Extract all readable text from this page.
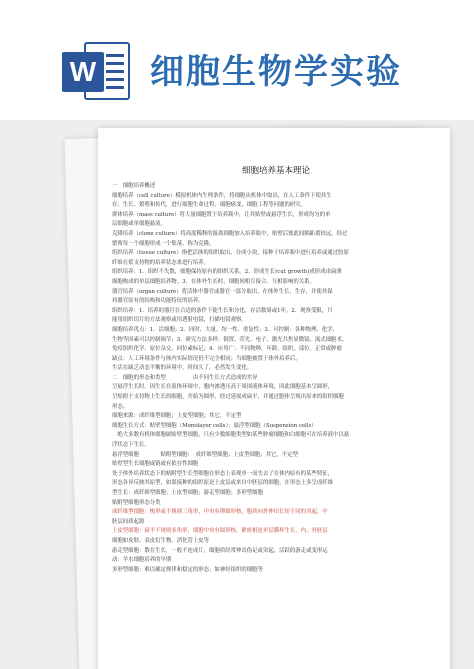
W 细胞生物学实验
细胞培养基本理论
一　细胞培养概述
细胞培养（cell culture）模拟机体内生理条件，将细胞从机体中取出，在人工条件下使其生
存、生长、繁殖和传代，进行细胞生命过程、细胞癌变、细胞工程等问题的研究。
群体培养（mass culture）将大量细胞置于培养瓶中，让其贴壁或悬浮生长，形成均匀的单
层细胞或单细胞悬液。
克隆培养（clone culture）将高度稀释的游离细胞加入培养瓶中，贴壁后彼此间隔距离较远，经过
繁殖每一个细胞形成一个集落，称为克隆。
组织培养（tissue culture）指把活体的组织取出，分成小块，接种于培养瓶中进行培养或通过胶原
纤维在浆支持物的培养状态来进行培养。
组织培养：1．组织不失散，细胞保持原有的组织关系。2．形成生长(cut growth)成形成由扁薄
细胞构成的单层细胞培养物。3．在体外生长时，细胞间相互接合、互相影响的关系。
器官培养（organ culture）将活体中器官或器官一部分取出，在体外生长、生存，并使其保
持器官原有的结构和功能特征的培养。
组织培养：1．培养的器官在合适的条件下能生长和分化，存活数周或1年。2．观察受限，只
能用组织切片的方法观察或用透射电镜，扫描电镜观察。
细胞培养优点：1．活细胞；2．同时、大量、均一性、重复性；3．可控制：各种物理、化学、
生物等因素可以控制调节；3．研究方法多样：倒置、荧光、电子、激光共焦显微镜、流式细胞术、
免疫组织化学、原位杂交、同位素标记；4．应用广：不同物种，年龄，组织，部位。正常或肿瘤
缺点：人工环境条件与体内实际情况仍不完全相同；当细胞被置于体外培养后，
生活在缺乏动态平衡的环境中，时间久了，必然发生变化。
二　细胞的形态和类型　　　　　由不同生长方式造成的差异
呈悬浮生长时，因生长在液体环境中，胞内渗透压高于周围液体环境，因此细胞基本呈圆形，
呈贴附于支持物上生长的细胞，开始为圆形，经过延展成扁平，并通过胞体呈现出原来的组织细胞
形态。
细胞来源：成纤维型细胞；上皮型细胞；其它，不定型
细胞生长方式：贴壁型细胞（Monolayer cells）；悬浮型细胞（Suspension cells）
　绝大多数有机体细胞属贴壁型细胞，只有少数细胞类型如某些肿瘤细胞和白细胞可在培养液中以悬
浮状态下生长。
悬浮型细胞　　　　贴附型细胞：　成纤维型细胞；上皮型细胞；其它，不定型
贴壁型生长细胞或链或有依存性细胞
处于体外培养状态下的贴附型生长型细胞在形态上表现单一而失去了在体内原有的某些特征，
形态各异反映其原型，如果接种的组织原是上皮层或来自中胚层的细胞，在形态上多呈成纤维
型生长：成纤维型细胞；上皮型细胞；游走型细胞；多形型细胞
贴附型细胞形态分类
成纤维型细胞：梭形或不规则三角形，中央有卵圆形核，胞质向外伸出长短不同的突起，中
胚层间质起源
上皮型细胞：扁平不规则多角形，细胞中央有圆形核，紧密相连单层膜样生长，内、外胚层
细胞如皮肤、表皮衍生物、消化管上皮等
游走型细胞：散在生长，一般不连成片，细胞质经常伸出伪足或突起，活跃的游走或变形运
动：羊水细胞培养的早期
多形型细胞：难以确定规律和稳定的形态；如神经组织的细胞等
